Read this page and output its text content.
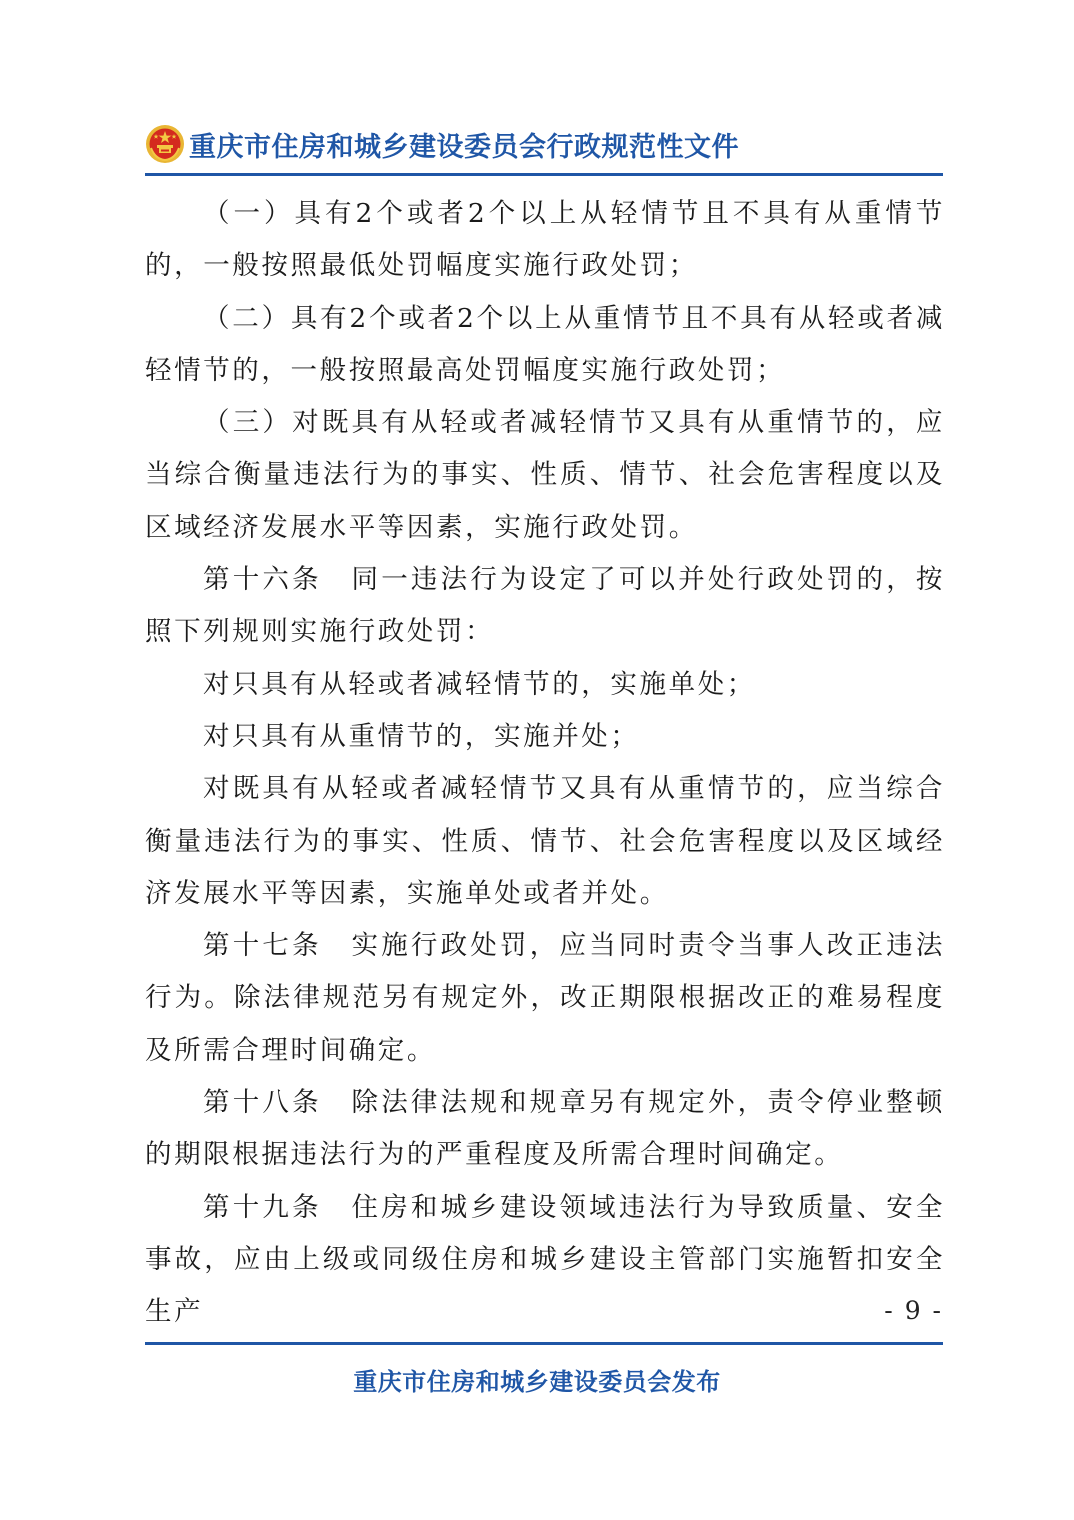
重庆市住房和城乡建设委员会行政规范性文件

（一）具有2个或者2个以上从轻情节且不具有从重情节的，一般按照最低处罚幅度实施行政处罚；

（二）具有2个或者2个以上从重情节且不具有从轻或者减轻情节的，一般按照最高处罚幅度实施行政处罚；

（三）对既具有从轻或者减轻情节又具有从重情节的，应当综合衡量违法行为的事实、性质、情节、社会危害程度以及区域经济发展水平等因素，实施行政处罚。

第十六条　同一违法行为设定了可以并处行政处罚的，按照下列规则实施行政处罚：

对只具有从轻或者减轻情节的，实施单处；

对只具有从重情节的，实施并处；

对既具有从轻或者减轻情节又具有从重情节的，应当综合衡量违法行为的事实、性质、情节、社会危害程度以及区域经济发展水平等因素，实施单处或者并处。

第十七条　实施行政处罚，应当同时责令当事人改正违法行为。除法律规范另有规定外，改正期限根据改正的难易程度及所需合理时间确定。

第十八条　除法律法规和规章另有规定外，责令停业整顿的期限根据违法行为的严重程度及所需合理时间确定。

第十九条　住房和城乡建设领域违法行为导致质量、安全事故，应由上级或同级住房和城乡建设主管部门实施暂扣安全生产	- 9 -
重庆市住房和城乡建设委员会发布
